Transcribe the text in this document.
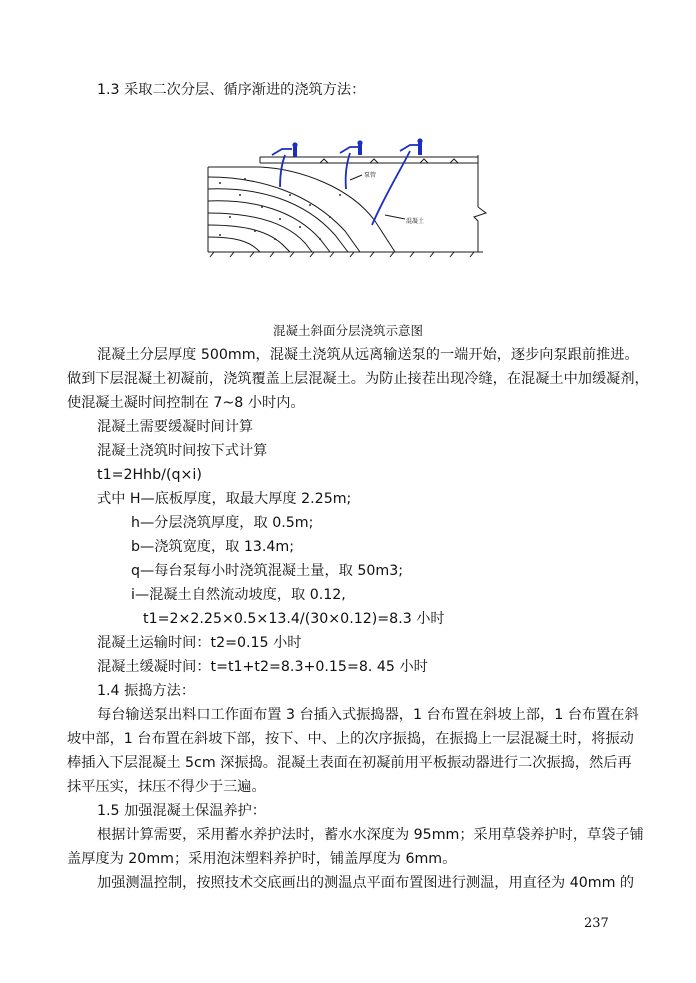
1.3 采取二次分层、循序渐进的浇筑方法：
泵管
混凝土
混凝土斜面分层浇筑示意图
混凝土分层厚度 500mm，混凝土浇筑从远离输送泵的一端开始，逐步向泵跟前推进。
做到下层混凝土初凝前，浇筑覆盖上层混凝土。为防止接茬出现冷缝，在混凝土中加缓凝剂，
使混凝土凝时间控制在 7~8 小时内。
混凝土需要缓凝时间计算
混凝土浇筑时间按下式计算
t1=2Hhb/(q×i)
式中 H—底板厚度，取最大厚度 2.25m;
h—分层浇筑厚度，取 0.5m;
b—浇筑宽度，取 13.4m;
q—每台泵每小时浇筑混凝土量，取 50m3;
i—混凝土自然流动坡度，取 0.12,
t1=2×2.25×0.5×13.4/(30×0.12)=8.3 小时
混凝土运输时间：t2=0.15 小时
混凝土缓凝时间：t=t1+t2=8.3+0.15=8. 45 小时
1.4 振捣方法：
每台输送泵出料口工作面布置 3 台插入式振捣器，1 台布置在斜坡上部，1 台布置在斜
坡中部，1 台布置在斜坡下部，按下、中、上的次序振捣，在振捣上一层混凝土时，将振动
棒插入下层混凝土 5cm 深振捣。混凝土表面在初凝前用平板振动器进行二次振捣，然后再
抹平压实，抹压不得少于三遍。
1.5 加强混凝土保温养护：
根据计算需要，采用蓄水养护法时，蓄水水深度为 95mm；采用草袋养护时，草袋子铺
盖厚度为 20mm；采用泡沫塑料养护时，铺盖厚度为 6mm。
加强测温控制，按照技术交底画出的测温点平面布置图进行测温，用直径为 40mm 的
237
